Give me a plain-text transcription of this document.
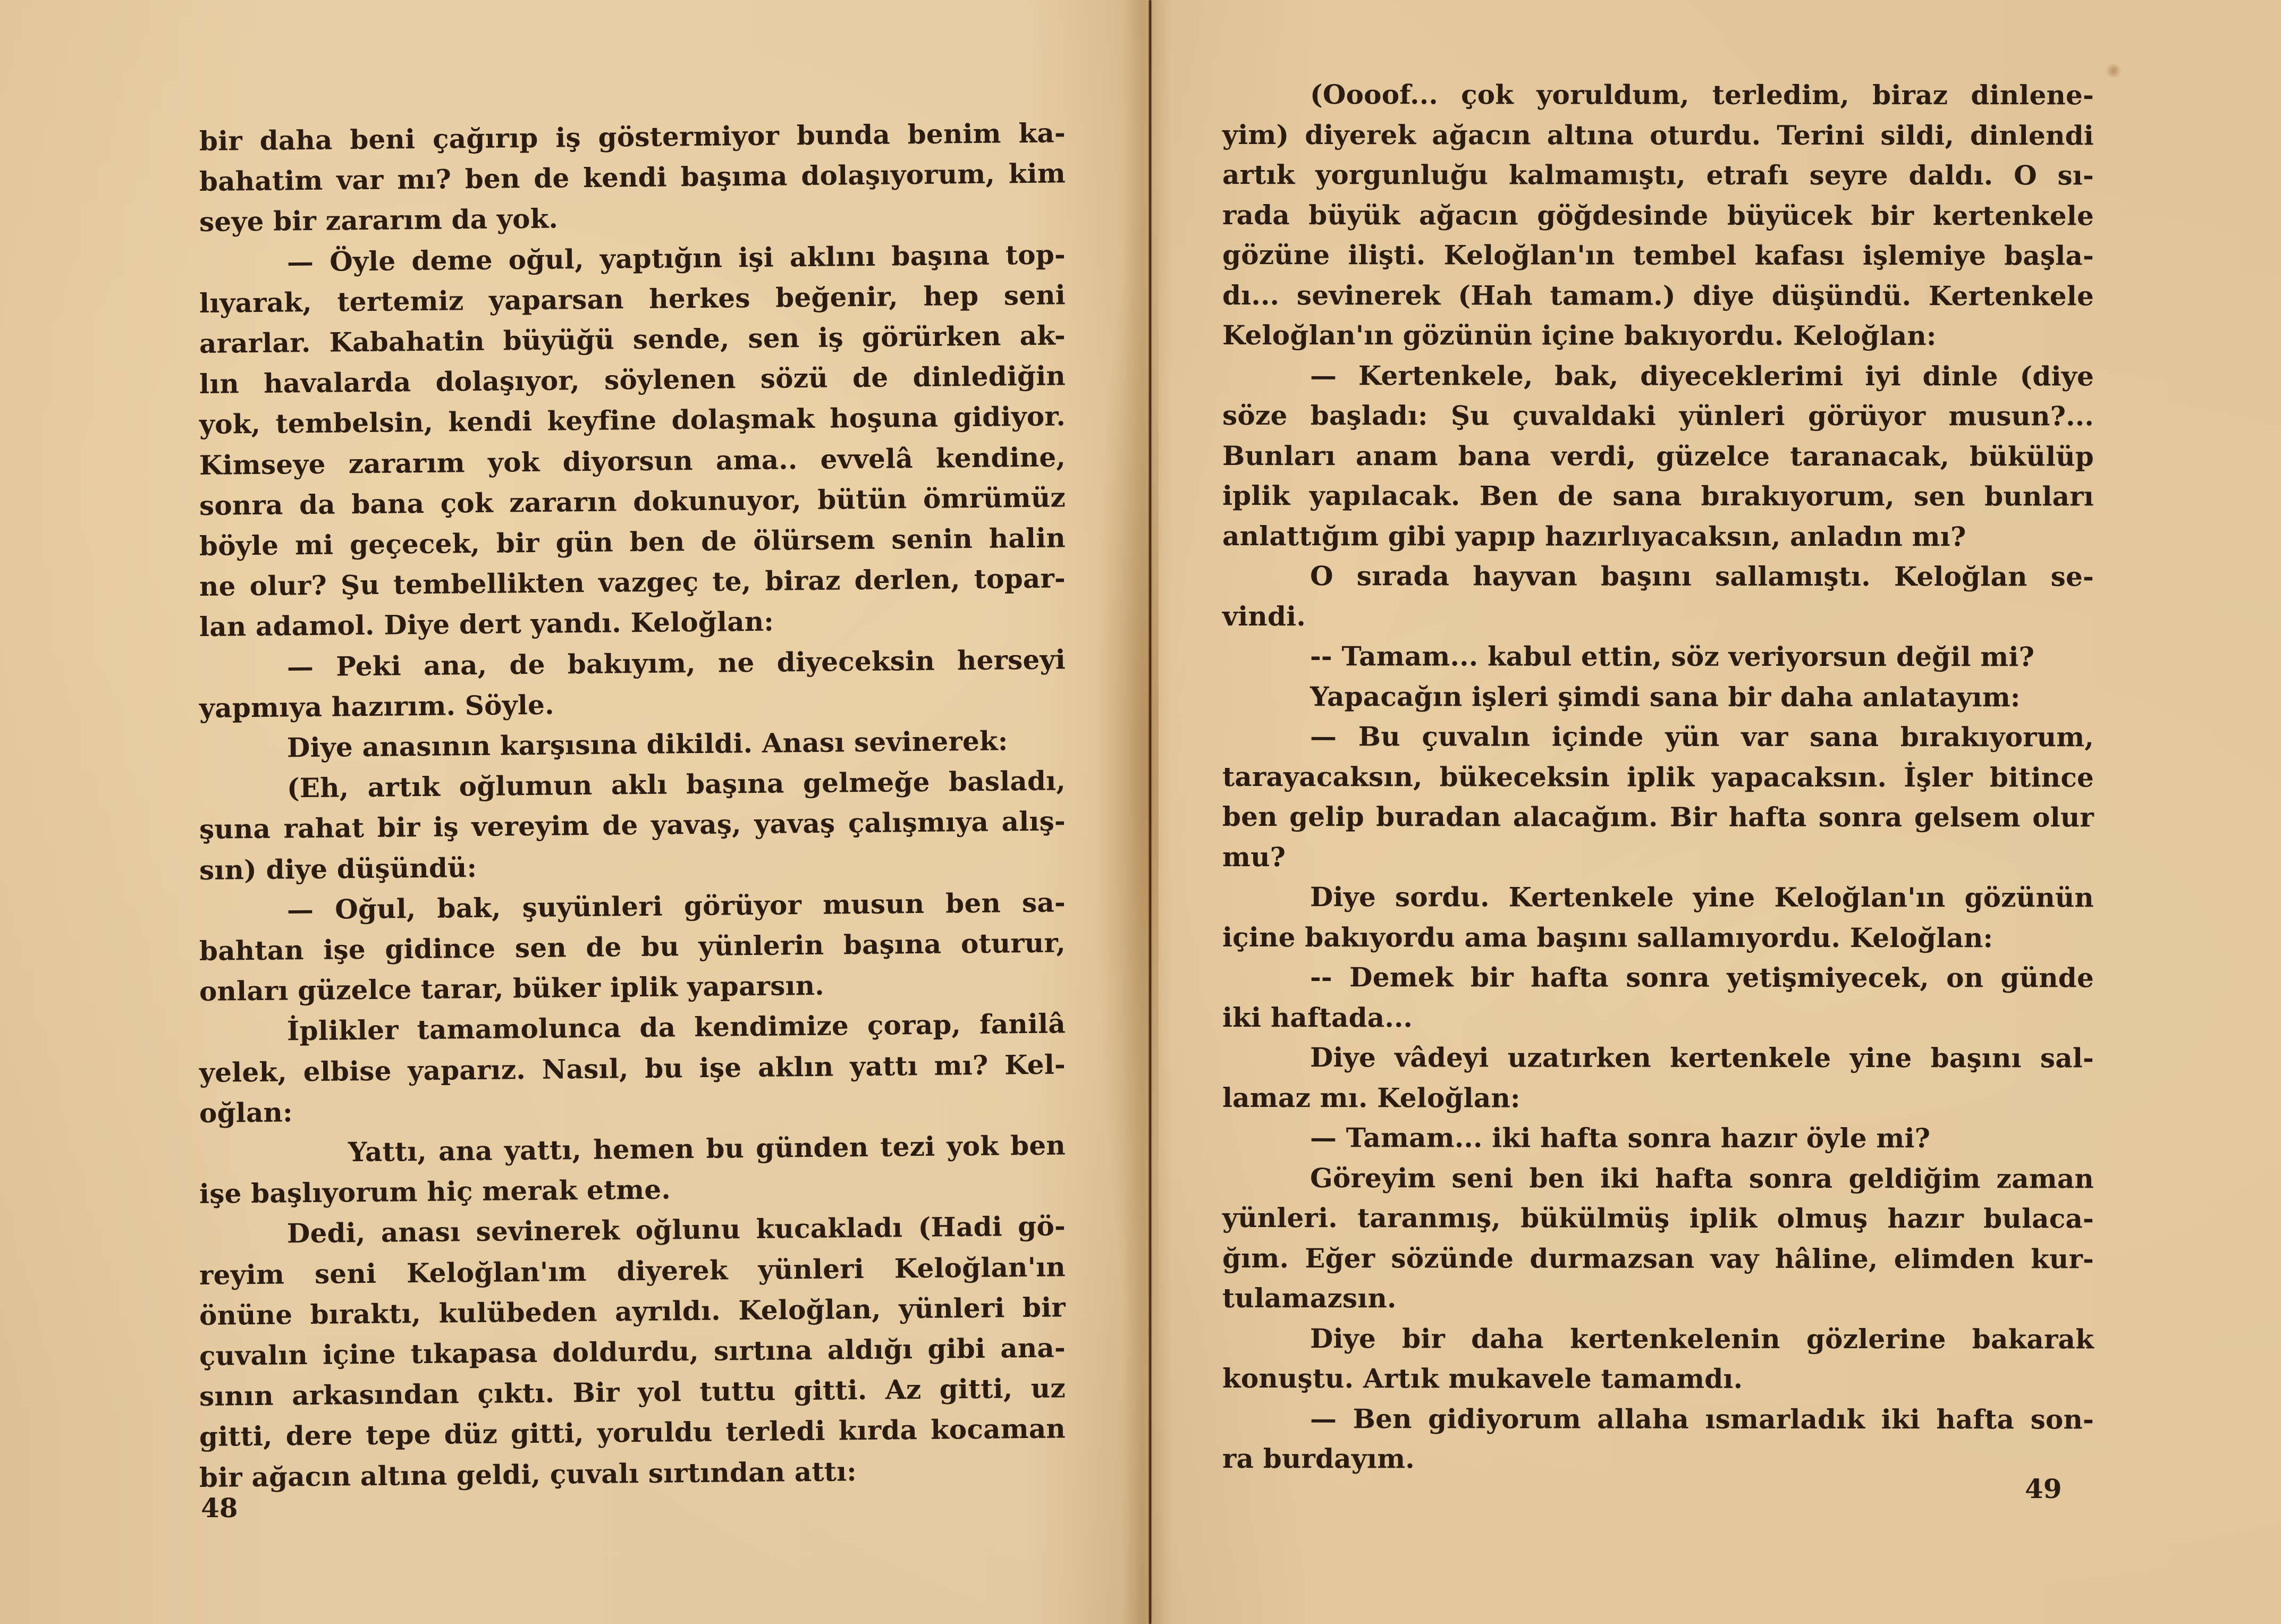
bir daha beni çağırıp iş göstermiyor bunda benim ka-
bahatim var mı? ben de kendi başıma dolaşıyorum, kim
seye bir zararım da yok.
— Öyle deme oğul, yaptığın işi aklını başına top-
lıyarak, tertemiz yaparsan herkes beğenir, hep seni
ararlar. Kabahatin büyüğü sende, sen iş görürken ak-
lın havalarda dolaşıyor, söylenen sözü de dinlediğin
yok, tembelsin, kendi keyfine dolaşmak hoşuna gidiyor.
Kimseye zararım yok diyorsun ama.. evvelâ kendine,
sonra da bana çok zararın dokunuyor, bütün ömrümüz
böyle mi geçecek, bir gün ben de ölürsem senin halin
ne olur? Şu tembellikten vazgeç te, biraz derlen, topar-
lan adamol. Diye dert yandı. Keloğlan:
— Peki ana, de bakıyım, ne diyeceksin herseyi
yapmıya hazırım. Söyle.
Diye anasının karşısına dikildi. Anası sevinerek:
(Eh, artık oğlumun aklı başına gelmeğe basladı,
şuna rahat bir iş vereyim de yavaş, yavaş çalışmıya alış-
sın) diye düşündü:
— Oğul, bak, şuyünleri görüyor musun ben sa-
bahtan işe gidince sen de bu yünlerin başına oturur,
onları güzelce tarar, büker iplik yaparsın.
İplikler tamamolunca da kendimize çorap, fanilâ
yelek, elbise yaparız. Nasıl, bu işe aklın yattı mı? Kel-
oğlan:
Yattı, ana yattı, hemen bu günden tezi yok ben
işe başlıyorum hiç merak etme.
Dedi, anası sevinerek oğlunu kucakladı (Hadi gö-
reyim seni Keloğlan'ım diyerek yünleri Keloğlan'ın
önüne bıraktı, kulübeden ayrıldı. Keloğlan, yünleri bir
çuvalın içine tıkapasa doldurdu, sırtına aldığı gibi ana-
sının arkasından çıktı. Bir yol tuttu gitti. Az gitti, uz
gitti, dere tepe düz gitti, yoruldu terledi kırda kocaman
bir ağacın altına geldi, çuvalı sırtından attı:
(Oooof... çok yoruldum, terledim, biraz dinlene-
yim) diyerek ağacın altına oturdu. Terini sildi, dinlendi
artık yorgunluğu kalmamıştı, etrafı seyre daldı. O sı-
rada büyük ağacın göğdesinde büyücek bir kertenkele
gözüne ilişti. Keloğlan'ın tembel kafası işlemiye başla-
dı... sevinerek (Hah tamam.) diye düşündü. Kertenkele
Keloğlan'ın gözünün içine bakıyordu. Keloğlan:
— Kertenkele, bak, diyeceklerimi iyi dinle (diye
söze başladı: Şu çuvaldaki yünleri görüyor musun?...
Bunları anam bana verdi, güzelce taranacak, bükülüp
iplik yapılacak. Ben de sana bırakıyorum, sen bunları
anlattığım gibi yapıp hazırlıyacaksın, anladın mı?
O sırada hayvan başını sallamıştı. Keloğlan se-
vindi.
-- Tamam... kabul ettin, söz veriyorsun değil mi?
Yapacağın işleri şimdi sana bir daha anlatayım:
— Bu çuvalın içinde yün var sana bırakıyorum,
tarayacaksın, bükeceksin iplik yapacaksın. İşler bitince
ben gelip buradan alacağım. Bir hafta sonra gelsem olur
mu?
Diye sordu. Kertenkele yine Keloğlan'ın gözünün
içine bakıyordu ama başını sallamıyordu. Keloğlan:
-- Demek bir hafta sonra yetişmiyecek, on günde
iki haftada...
Diye vâdeyi uzatırken kertenkele yine başını sal-
lamaz mı. Keloğlan:
— Tamam... iki hafta sonra hazır öyle mi?
Göreyim seni ben iki hafta sonra geldiğim zaman
yünleri. taranmış, bükülmüş iplik olmuş hazır bulaca-
ğım. Eğer sözünde durmazsan vay hâline, elimden kur-
tulamazsın.
Diye bir daha kertenkelenin gözlerine bakarak
konuştu. Artık mukavele tamamdı.
— Ben gidiyorum allaha ısmarladık iki hafta son-
ra burdayım.
48
49
